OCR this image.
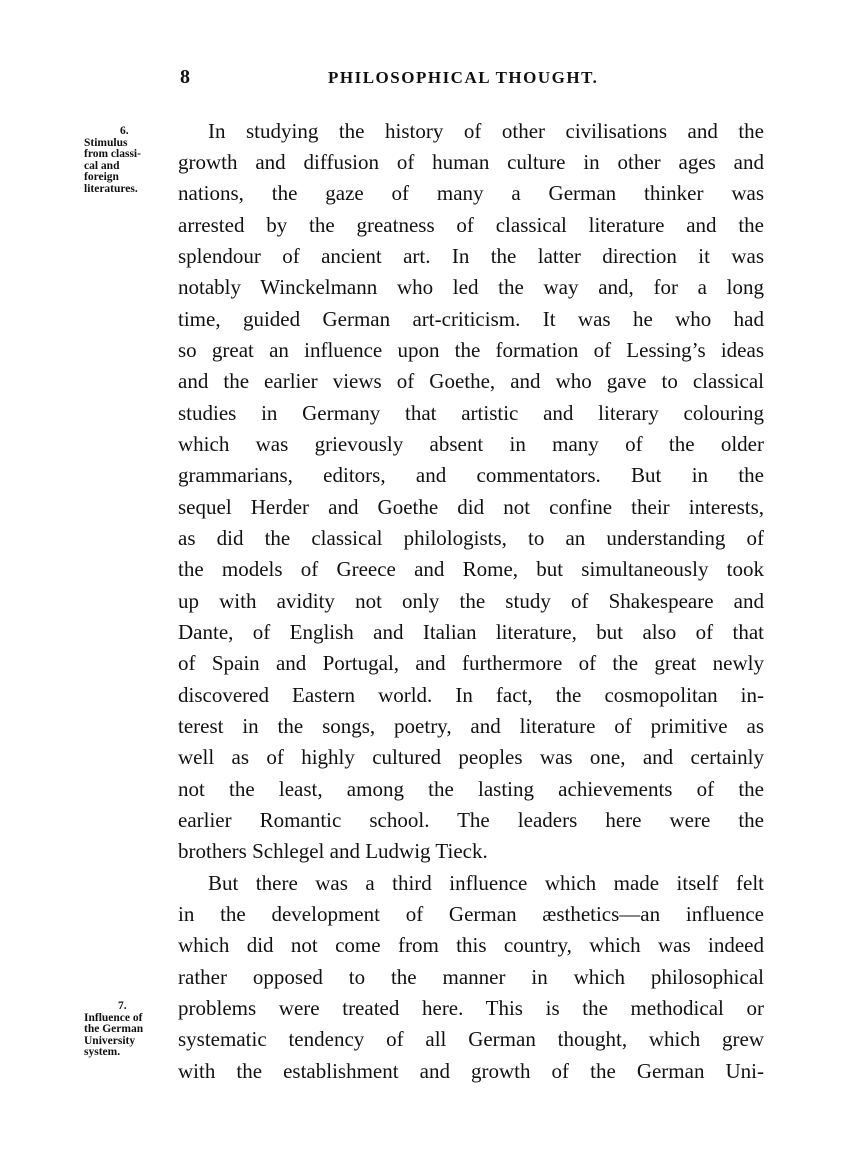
8	PHILOSOPHICAL THOUGHT.
6.
Stimulus
from classi-
cal and
foreign
literatures.
7.
Influence of
the German
University
system.
In studying the history of other civilisations and the
growth and diffusion of human culture in other ages and
nations, the gaze of many a German thinker was
arrested by the greatness of classical literature and the
splendour of ancient art. In the latter direction it was
notably Winckelmann who led the way and, for a long
time, guided German art-criticism. It was he who had
so great an influence upon the formation of Lessing’s ideas
and the earlier views of Goethe, and who gave to classical
studies in Germany that artistic and literary colouring
which was grievously absent in many of the older
grammarians, editors, and commentators. But in the
sequel Herder and Goethe did not confine their interests,
as did the classical philologists, to an understanding of
the models of Greece and Rome, but simultaneously took
up with avidity not only the study of Shakespeare and
Dante, of English and Italian literature, but also of that
of Spain and Portugal, and furthermore of the great newly
discovered Eastern world. In fact, the cosmopolitan in-
terest in the songs, poetry, and literature of primitive as
well as of highly cultured peoples was one, and certainly
not the least, among the lasting achievements of the
earlier Romantic school. The leaders here were the
brothers Schlegel and Ludwig Tieck.
But there was a third influence which made itself felt
in the development of German æsthetics—an influence
which did not come from this country, which was indeed
rather opposed to the manner in which philosophical
problems were treated here. This is the methodical or
systematic tendency of all German thought, which grew
with the establishment and growth of the German Uni-
